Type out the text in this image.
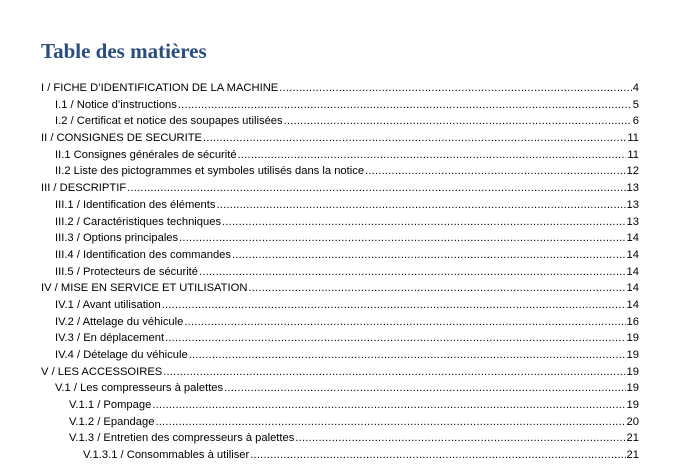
Table des matières
I / FICHE D’IDENTIFICATION DE LA MACHINE .....	4
I.1 / Notice d’instructions .....	5
I.2 / Certificat et notice des soupapes utilisées .....	6
II / CONSIGNES DE SECURITE .....	11
II.1 Consignes générales de sécurité .....	11
II.2 Liste des pictogrammes et symboles utilisés dans la notice .....	12
III / DESCRIPTIF .....	13
III.1 / Identification des éléments .....	13
III.2 / Caractéristiques techniques .....	13
III.3 / Options principales .....	14
III.4 / Identification des commandes .....	14
III.5 / Protecteurs de sécurité .....	14
IV / MISE EN SERVICE ET UTILISATION .....	14
IV.1 / Avant utilisation .....	14
IV.2 / Attelage du véhicule .....	16
IV.3 / En déplacement .....	19
IV.4 / Dételage du véhicule .....	19
V / LES ACCESSOIRES .....	19
V.1 / Les compresseurs à palettes .....	19
V.1.1 / Pompage .....	19
V.1.2 / Epandage .....	20
V.1.3 / Entretien des compresseurs à palettes .....	21
V.1.3.1 / Consommables à utiliser .....	21
